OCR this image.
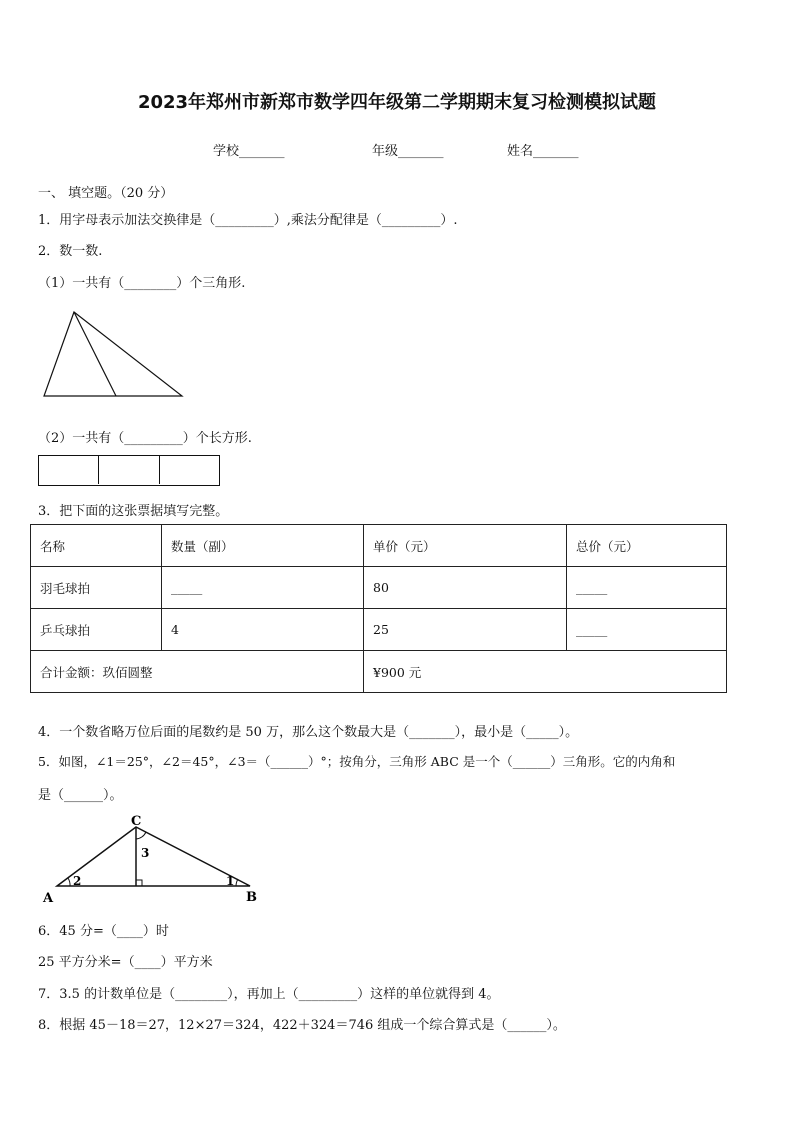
2023年郑州市新郑市数学四年级第二学期期末复习检测模拟试题
学校_______	年级_______	姓名_______
一、 填空题。（20 分）
1．用字母表示加法交换律是（_________）,乘法分配律是（_________）.
2．数一数.
（1）一共有（________）个三角形.
（2）一共有（_________）个长方形.
3．把下面的这张票据填写完整。
名称	数量（副）	单价（元）	总价（元）
羽毛球拍	_____	80	_____
乒乓球拍	4	25	_____
合计金额：玖佰圆整		¥900 元	
4．一个数省略万位后面的尾数约是 50 万，那么这个数最大是（_______），最小是（_____）。
5．如图，∠1＝25°，∠2＝45°，∠3＝（______）°；按角分，三角形 ABC 是一个（______）三角形。它的内角和
是（______）。
C
A	B
3
2	1
6．45 分=（____）时
25 平方分米=（____）平方米
7．3.5 的计数单位是（________），再加上（_________）这样的单位就得到 4。
8．根据 45－18＝27，12×27＝324，422＋324＝746 组成一个综合算式是（______）。
